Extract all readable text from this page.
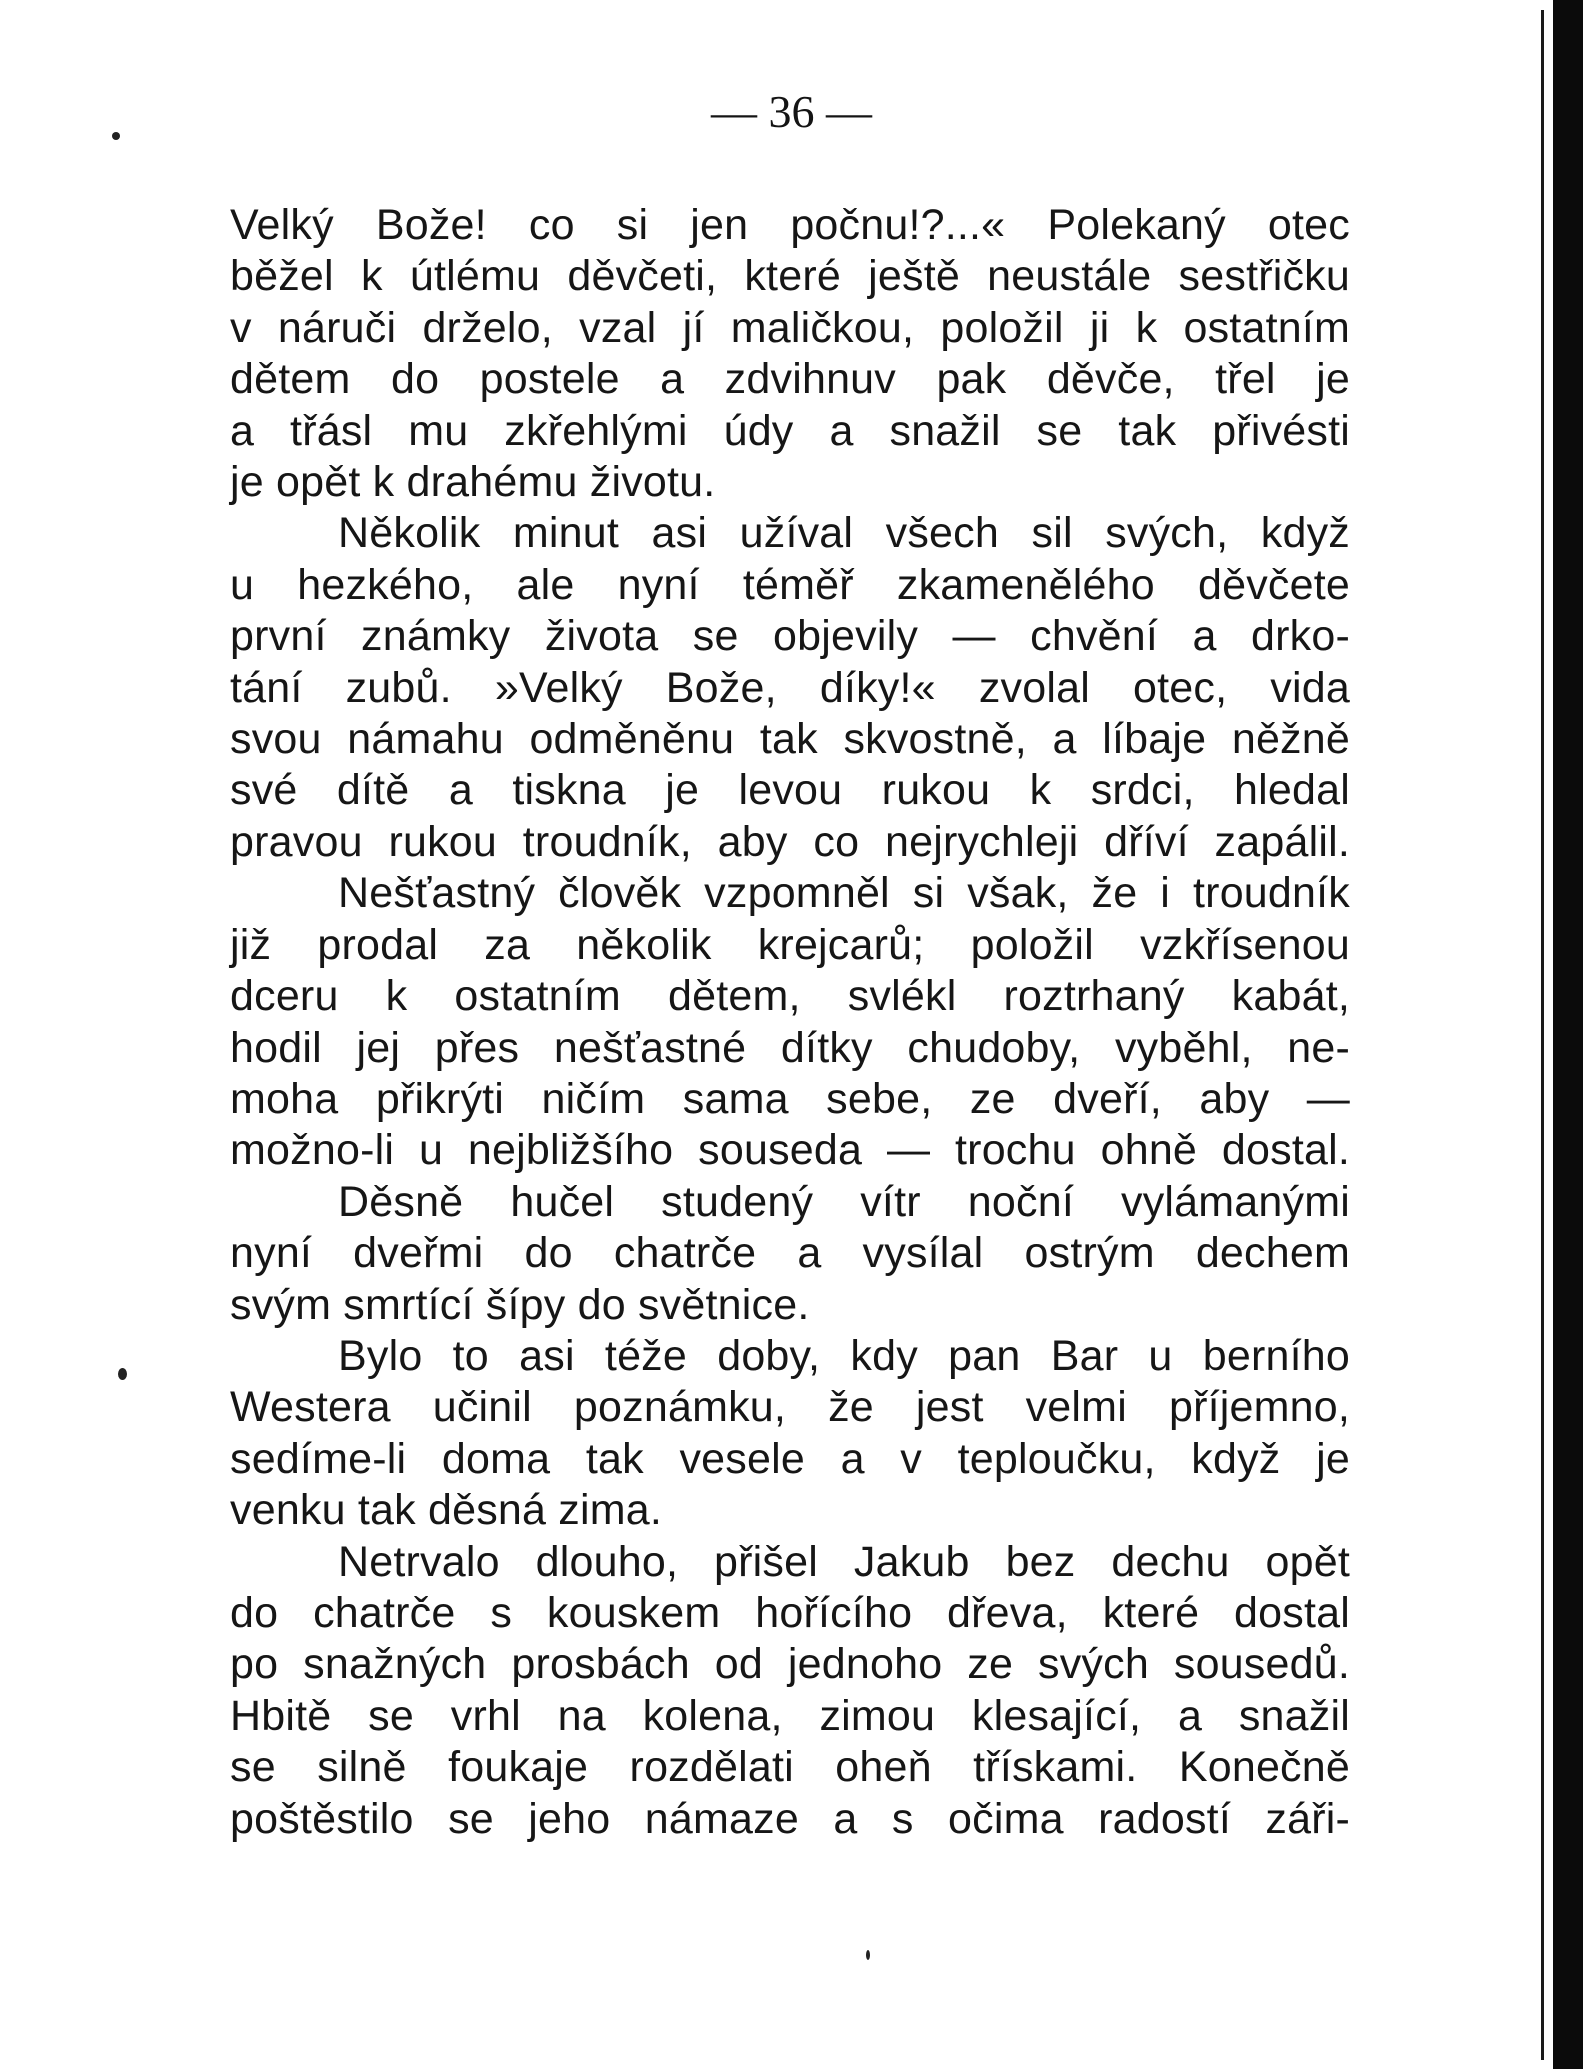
— 36 —

Velký Bože! co si jen počnu!?...« Polekaný otec
běžel k útlému děvčeti, které ještě neustále sestřičku
v náruči drželo, vzal jí maličkou, položil ji k ostatním
dětem do postele a zdvihnuv pak děvče, třel je
a třásl mu zkřehlými údy a snažil se tak přivésti
je opět k drahému životu.

Několik minut asi užíval všech sil svých, když
u hezkého, ale nyní téměř zkamenělého děvčete
první známky života se objevily — chvění a drko-
tání zubů. »Velký Bože, díky!« zvolal otec, vida
svou námahu odměněnu tak skvostně, a líbaje něžně
své dítě a tiskna je levou rukou k srdci, hledal
pravou rukou troudník, aby co nejrychleji dříví zapálil.

Nešťastný člověk vzpomněl si však, že i troudník
již prodal za několik krejcarů; položil vzkřísenou
dceru k ostatním dětem, svlékl roztrhaný kabát,
hodil jej přes nešťastné dítky chudoby, vyběhl, ne-
moha přikrýti ničím sama sebe, ze dveří, aby —
možno-li u nejbližšího souseda — trochu ohně dostal.

Děsně hučel studený vítr noční vylámanými
nyní dveřmi do chatrče a vysílal ostrým dechem
svým smrtící šípy do světnice.

Bylo to asi téže doby, kdy pan Bar u berního
Westera učinil poznámku, že jest velmi příjemno,
sedíme-li doma tak vesele a v teploučku, když je
venku tak děsná zima.

Netrvalo dlouho, přišel Jakub bez dechu opět
do chatrče s kouskem hořícího dřeva, které dostal
po snažných prosbách od jednoho ze svých sousedů.
Hbitě se vrhl na kolena, zimou klesající, a snažil
se silně foukaje rozdělati oheň třískami. Konečně
poštěstilo se jeho námaze a s očima radostí záři-
